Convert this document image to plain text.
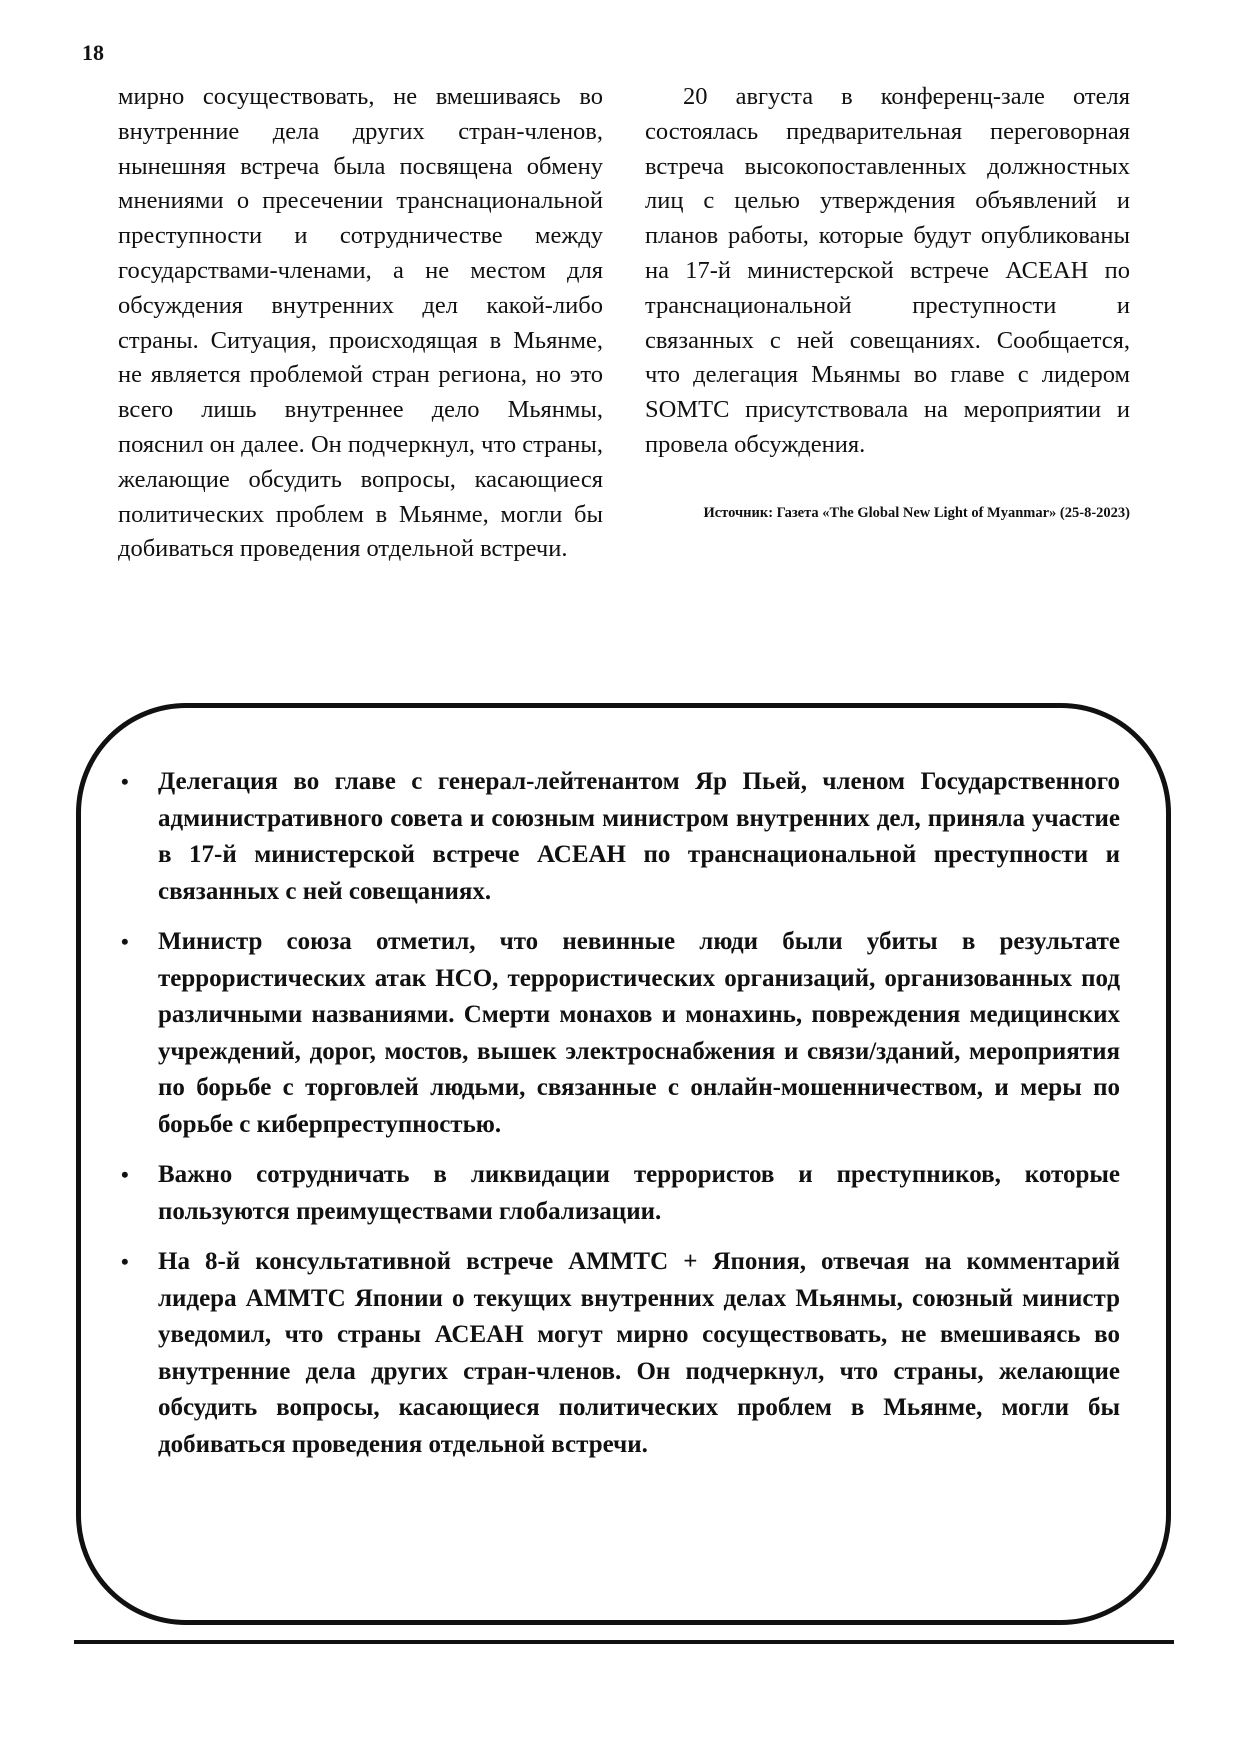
18

мирно сосуществовать, не вмешиваясь во внутренние дела других стран-членов, нынешняя встреча была посвящена обмену мнениями о пресечении транснациональной преступности и сотрудничестве между государствами-членами, а не местом для обсуждения внутренних дел какой-либо страны. Ситуация, происходящая в Мьянме, не является проблемой стран региона, но это всего лишь внутреннее дело Мьянмы, пояснил он далее. Он подчеркнул, что страны, желающие обсудить вопросы, касающиеся политических проблем в Мьянме, могли бы добиваться проведения отдельной встречи.

20 августа в конференц-зале отеля состоялась предварительная переговорная встреча высокопоставленных должностных лиц с целью утверждения объявлений и планов работы, которые будут опубликованы на 17-й министерской встрече АСЕАН по транснациональной преступности и связанных с ней совещаниях. Сообщается, что делегация Мьянмы во главе с лидером SOMTC присутствовала на мероприятии и провела обсуждения.

Источник: Газета «The Global New Light of Myanmar» (25-8-2023)
• Делегация во главе с генерал-лейтенантом Яр Пьей, членом Государственного административного совета и союзным министром внутренних дел, приняла участие в 17-й министерской встрече АСЕАН по транснациональной преступности и связанных с ней совещаниях.
• Министр союза отметил, что невинные люди были убиты в результате террористических атак НСО, террористических организаций, организованных под различными названиями. Смерти монахов и монахинь, повреждения медицинских учреждений, дорог, мостов, вышек электроснабжения и связи/зданий, мероприятия по борьбе с торговлей людьми, связанные с онлайн-мошенничеством, и меры по борьбе с киберпреступностью.
• Важно сотрудничать в ликвидации террористов и преступников, которые пользуются преимуществами глобализации.
• На 8-й консультативной встрече AMMTC + Япония, отвечая на комментарий лидера AMMTC Японии о текущих внутренних делах Мьянмы, союзный министр уведомил, что страны АСЕАН могут мирно сосуществовать, не вмешиваясь во внутренние дела других стран-членов. Он подчеркнул, что страны, желающие обсудить вопросы, касающиеся политических проблем в Мьянме, могли бы добиваться проведения отдельной встречи.
